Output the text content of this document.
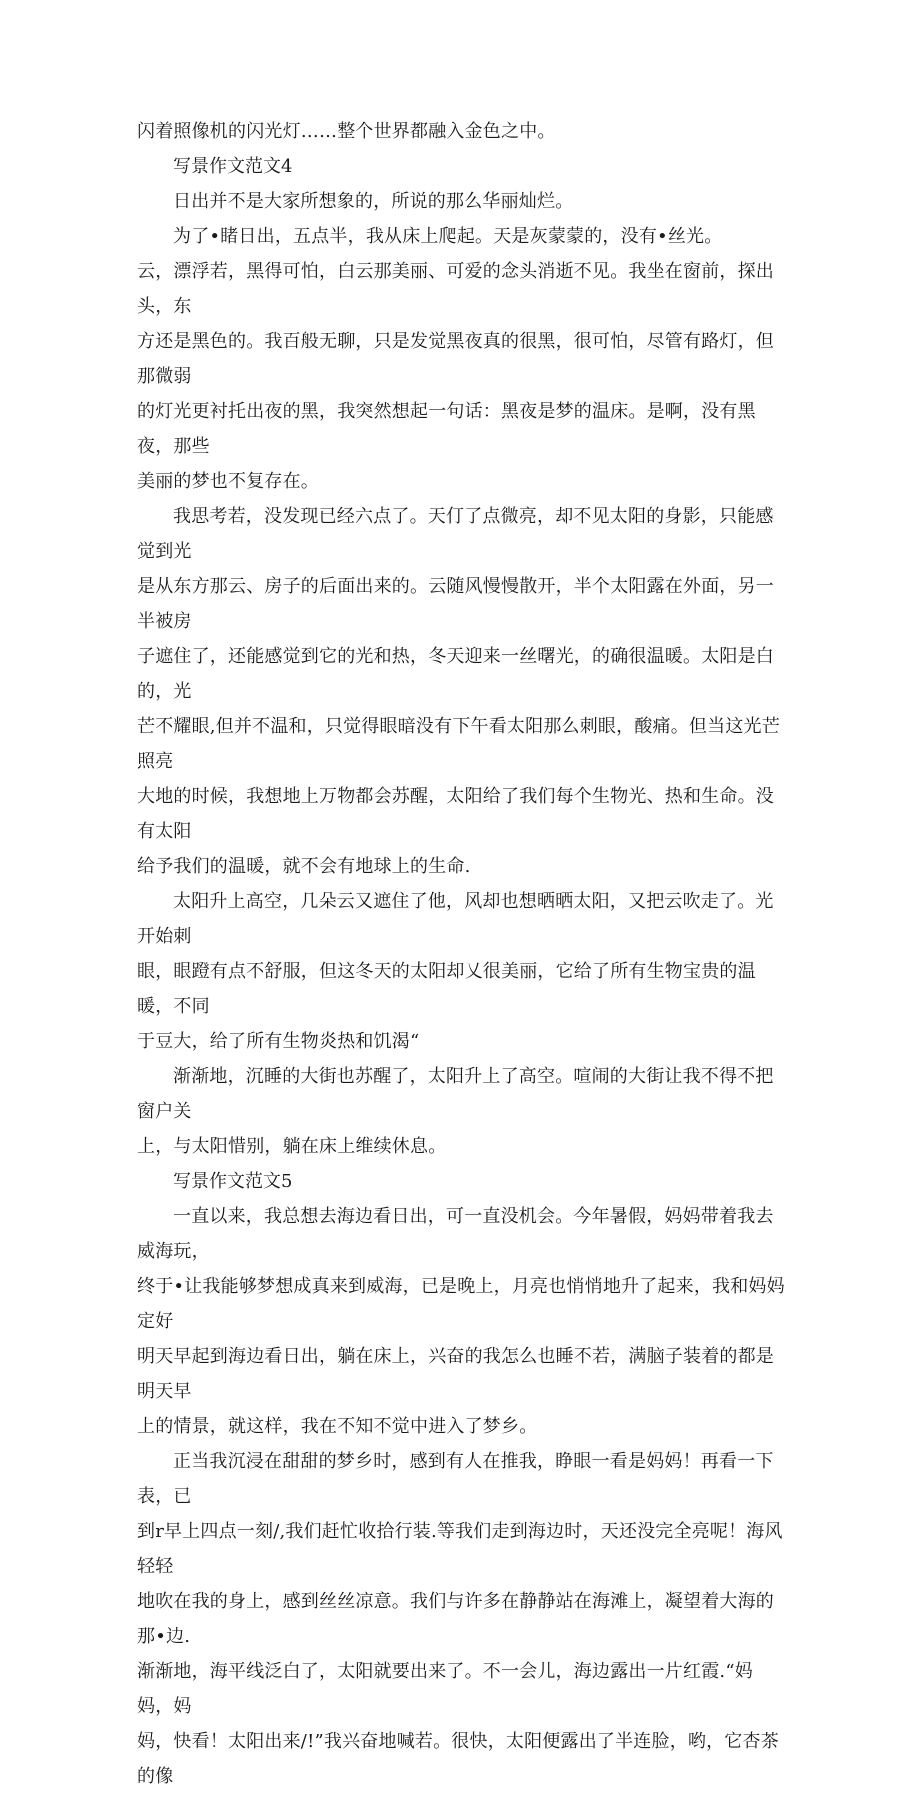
闪着照像机的闪光灯……整个世界都融入金色之中。

写景作文范文4

日出并不是大家所想象的，所说的那么华丽灿烂。

为了•睹日出，五点半，我从床上爬起。天是灰蒙蒙的，没有•丝光。

云，漂浮若，黑得可怕，白云那美丽、可爱的念头消逝不见。我坐在窗前，探出头，东
方还是黑色的。我百般无聊，只是发觉黑夜真的很黑，很可怕，尽管有路灯，但那微弱
的灯光更衬托出夜的黑，我突然想起一句话：黑夜是梦的温床。是啊，没有黑夜，那些
美丽的梦也不复存在。

我思考若，没发现已经六点了。天仃了点微亮，却不见太阳的身影，只能感觉到光
是从东方那云、房子的后面出来的。云随风慢慢散开，半个太阳露在外面，另一半被房
子遮住了，还能感觉到它的光和热，冬天迎来一丝曙光，的确很温暖。太阳是白的，光
芒不耀眼,但并不温和，只觉得眼暗没有下午看太阳那么刺眼，酸痛。但当这光芒照亮
大地的时候，我想地上万物都会苏醒，太阳给了我们每个生物光、热和生命。没有太阳
给予我们的温暖，就不会有地球上的生命.

太阳升上高空，几朵云又遮住了他，风却也想晒晒太阳，又把云吹走了。光开始刺
眼，眼蹬有点不舒服，但这冬天的太阳却乂很美丽，它给了所有生物宝贵的温暖，不同
于豆大，给了所有生物炎热和饥渴“

渐渐地，沉睡的大街也苏醒了，太阳升上了高空。喧闹的大街让我不得不把窗户关
上，与太阳惜别，躺在床上维续休息。

写景作文范文5

一直以来，我总想去海边看日出，可一直没机会。今年暑假，妈妈带着我去威海玩，
终于•让我能够梦想成真来到威海，已是晚上，月亮也悄悄地升了起来，我和妈妈定好
明天早起到海边看日出，躺在床上，兴奋的我怎么也睡不若，满脑子装着的都是明天早
上的情景，就这样，我在不知不觉中进入了梦乡。

正当我沉浸在甜甜的梦乡时，感到有人在推我，睁眼一看是妈妈！再看一下表，已
到r早上四点一刻/,我们赶忙收拾行装.等我们走到海边时，天还没完全亮呢！海风轻轻
地吹在我的身上，感到丝丝凉意。我们与许多在静静站在海滩上，凝望着大海的那•边.
渐渐地，海平线泛白了，太阳就要出来了。不一会儿，海边露出一片红霞.“妈妈，妈
妈，快看！太阳出来/!”我兴奋地喊若。很快，太阳便露出了半连脸，哟，它杏茶的像
